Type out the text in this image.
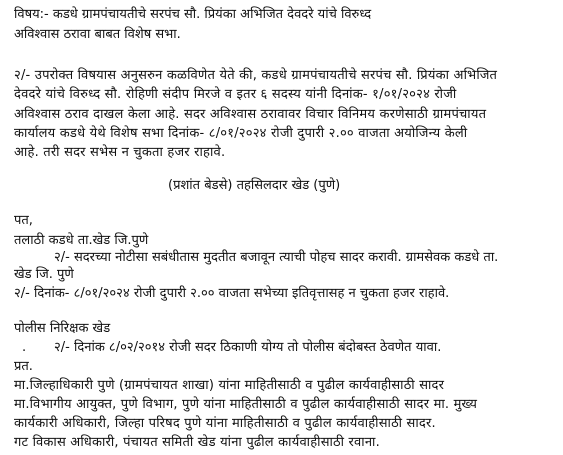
विषय:- कडधे ग्रामपंचायतीचे सरपंच सौ. प्रियंका अभिजित देवदरे यांचे विरुध्द
अविश्वास ठरावा बाबत विशेष सभा.
२/- उपरोक्त विषयास अनुसरुन कळविणेत येते की, कडधे ग्रामपंचायतीचे सरपंच सौ. प्रियंका अभिजित
देवदरे यांचे विरुध्द सौ. रोहिणी संदीप मिरजे व इतर ६ सदस्य यांनी दिनांक- १/०१/२०२४ रोजी
अविश्वास ठराव दाखल केला आहे. सदर अविश्वास ठरावावर विचार विनिमय करणेसाठी ग्रामपंचायत
कार्यालय कडधे येथे विशेष सभा दिनांक- ८/०१/२०२४ रोजी दुपारी २.०० वाजता अयोजिन्य केली
आहे. तरी सदर सभेस न चुकता हजर राहावे.
(प्रशांत बेडसे) तहसिलदार खेड (पुणे)
पत,
तलाठी कडधे ता.खेड जि.पुणे
२/- सदरच्या नोटीसा सबंधीतास मुदतीत बजावून त्याची पोहच सादर करावी. ग्रामसेवक कडधे ता.
खेड जि. पुणे
२/- दिनांक- ८/०१/२०२४ रोजी दुपारी २.०० वाजता सभेच्या इतिवृत्तासह न चुकता हजर राहावे.
पोलीस निरिक्षक खेड
. २/- दिनांक ८/०२/२०१४ रोजी सदर ठिकाणी योग्य तो पोलीस बंदोबस्त ठेवणेत यावा.
प्रत.
मा.जिल्हाधिकारी पुणे (ग्रामपंचायत शाखा) यांना माहितीसाठी व पुढील कार्यवाहीसाठी सादर
मा.विभागीय आयुक्त, पुणे विभाग, पुणे यांना माहितीसाठी व पुढील कार्यवाहीसाठी सादर मा. मुख्य
कार्यकारी अधिकारी, जिल्हा परिषद पुणे यांना माहितीसाठी व पुढील कार्यवाहीसाठी सादर.
गट विकास अधिकारी, पंचायत समिती खेड यांना पुढील कार्यवाहीसाठी रवाना.
